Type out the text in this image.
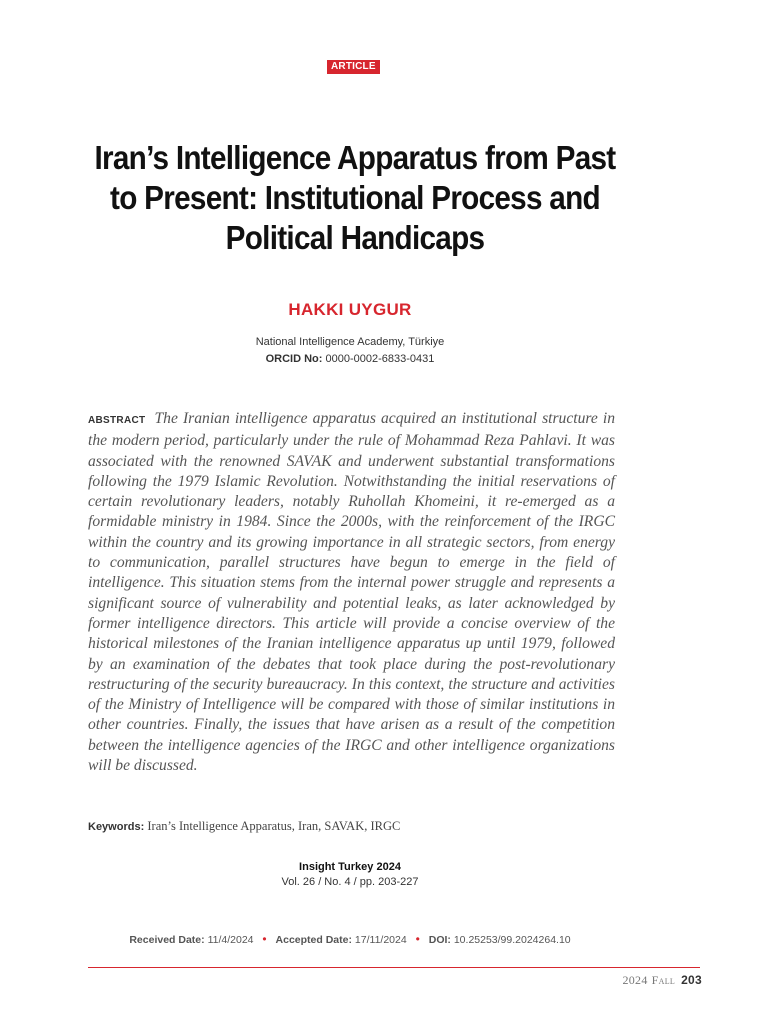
ARTICLE
Iran’s Intelligence Apparatus from Past to Present: Institutional Process and Political Handicaps
HAKKI UYGUR
National Intelligence Academy, Türkiye
ORCID No: 0000-0002-6833-0431
ABSTRACT The Iranian intelligence apparatus acquired an institutional structure in the modern period, particularly under the rule of Mohammad Reza Pahlavi. It was associated with the renowned SAVAK and underwent substantial transformations following the 1979 Islamic Revolution. Notwithstanding the initial reservations of certain revolutionary leaders, notably Ruhollah Khomeini, it re-emerged as a formidable ministry in 1984. Since the 2000s, with the reinforcement of the IRGC within the country and its growing importance in all strategic sectors, from energy to communication, parallel structures have begun to emerge in the field of intelligence. This situation stems from the internal power struggle and represents a significant source of vulnerability and potential leaks, as later acknowledged by former intelligence directors. This article will provide a concise overview of the historical milestones of the Iranian intelligence apparatus up until 1979, followed by an examination of the debates that took place during the post-revolutionary restructuring of the security bureaucracy. In this context, the structure and activities of the Ministry of Intelligence will be compared with those of similar institutions in other countries. Finally, the issues that have arisen as a result of the competition between the intelligence agencies of the IRGC and other intelligence organizations will be discussed.
Keywords: Iran’s Intelligence Apparatus, Iran, SAVAK, IRGC
Insight Turkey 2024
Vol. 26 / No. 4 / pp. 203-227
Received Date: 11/4/2024 • Accepted Date: 17/11/2024 • DOI: 10.25253/99.2024264.10
2024 Fall 203
